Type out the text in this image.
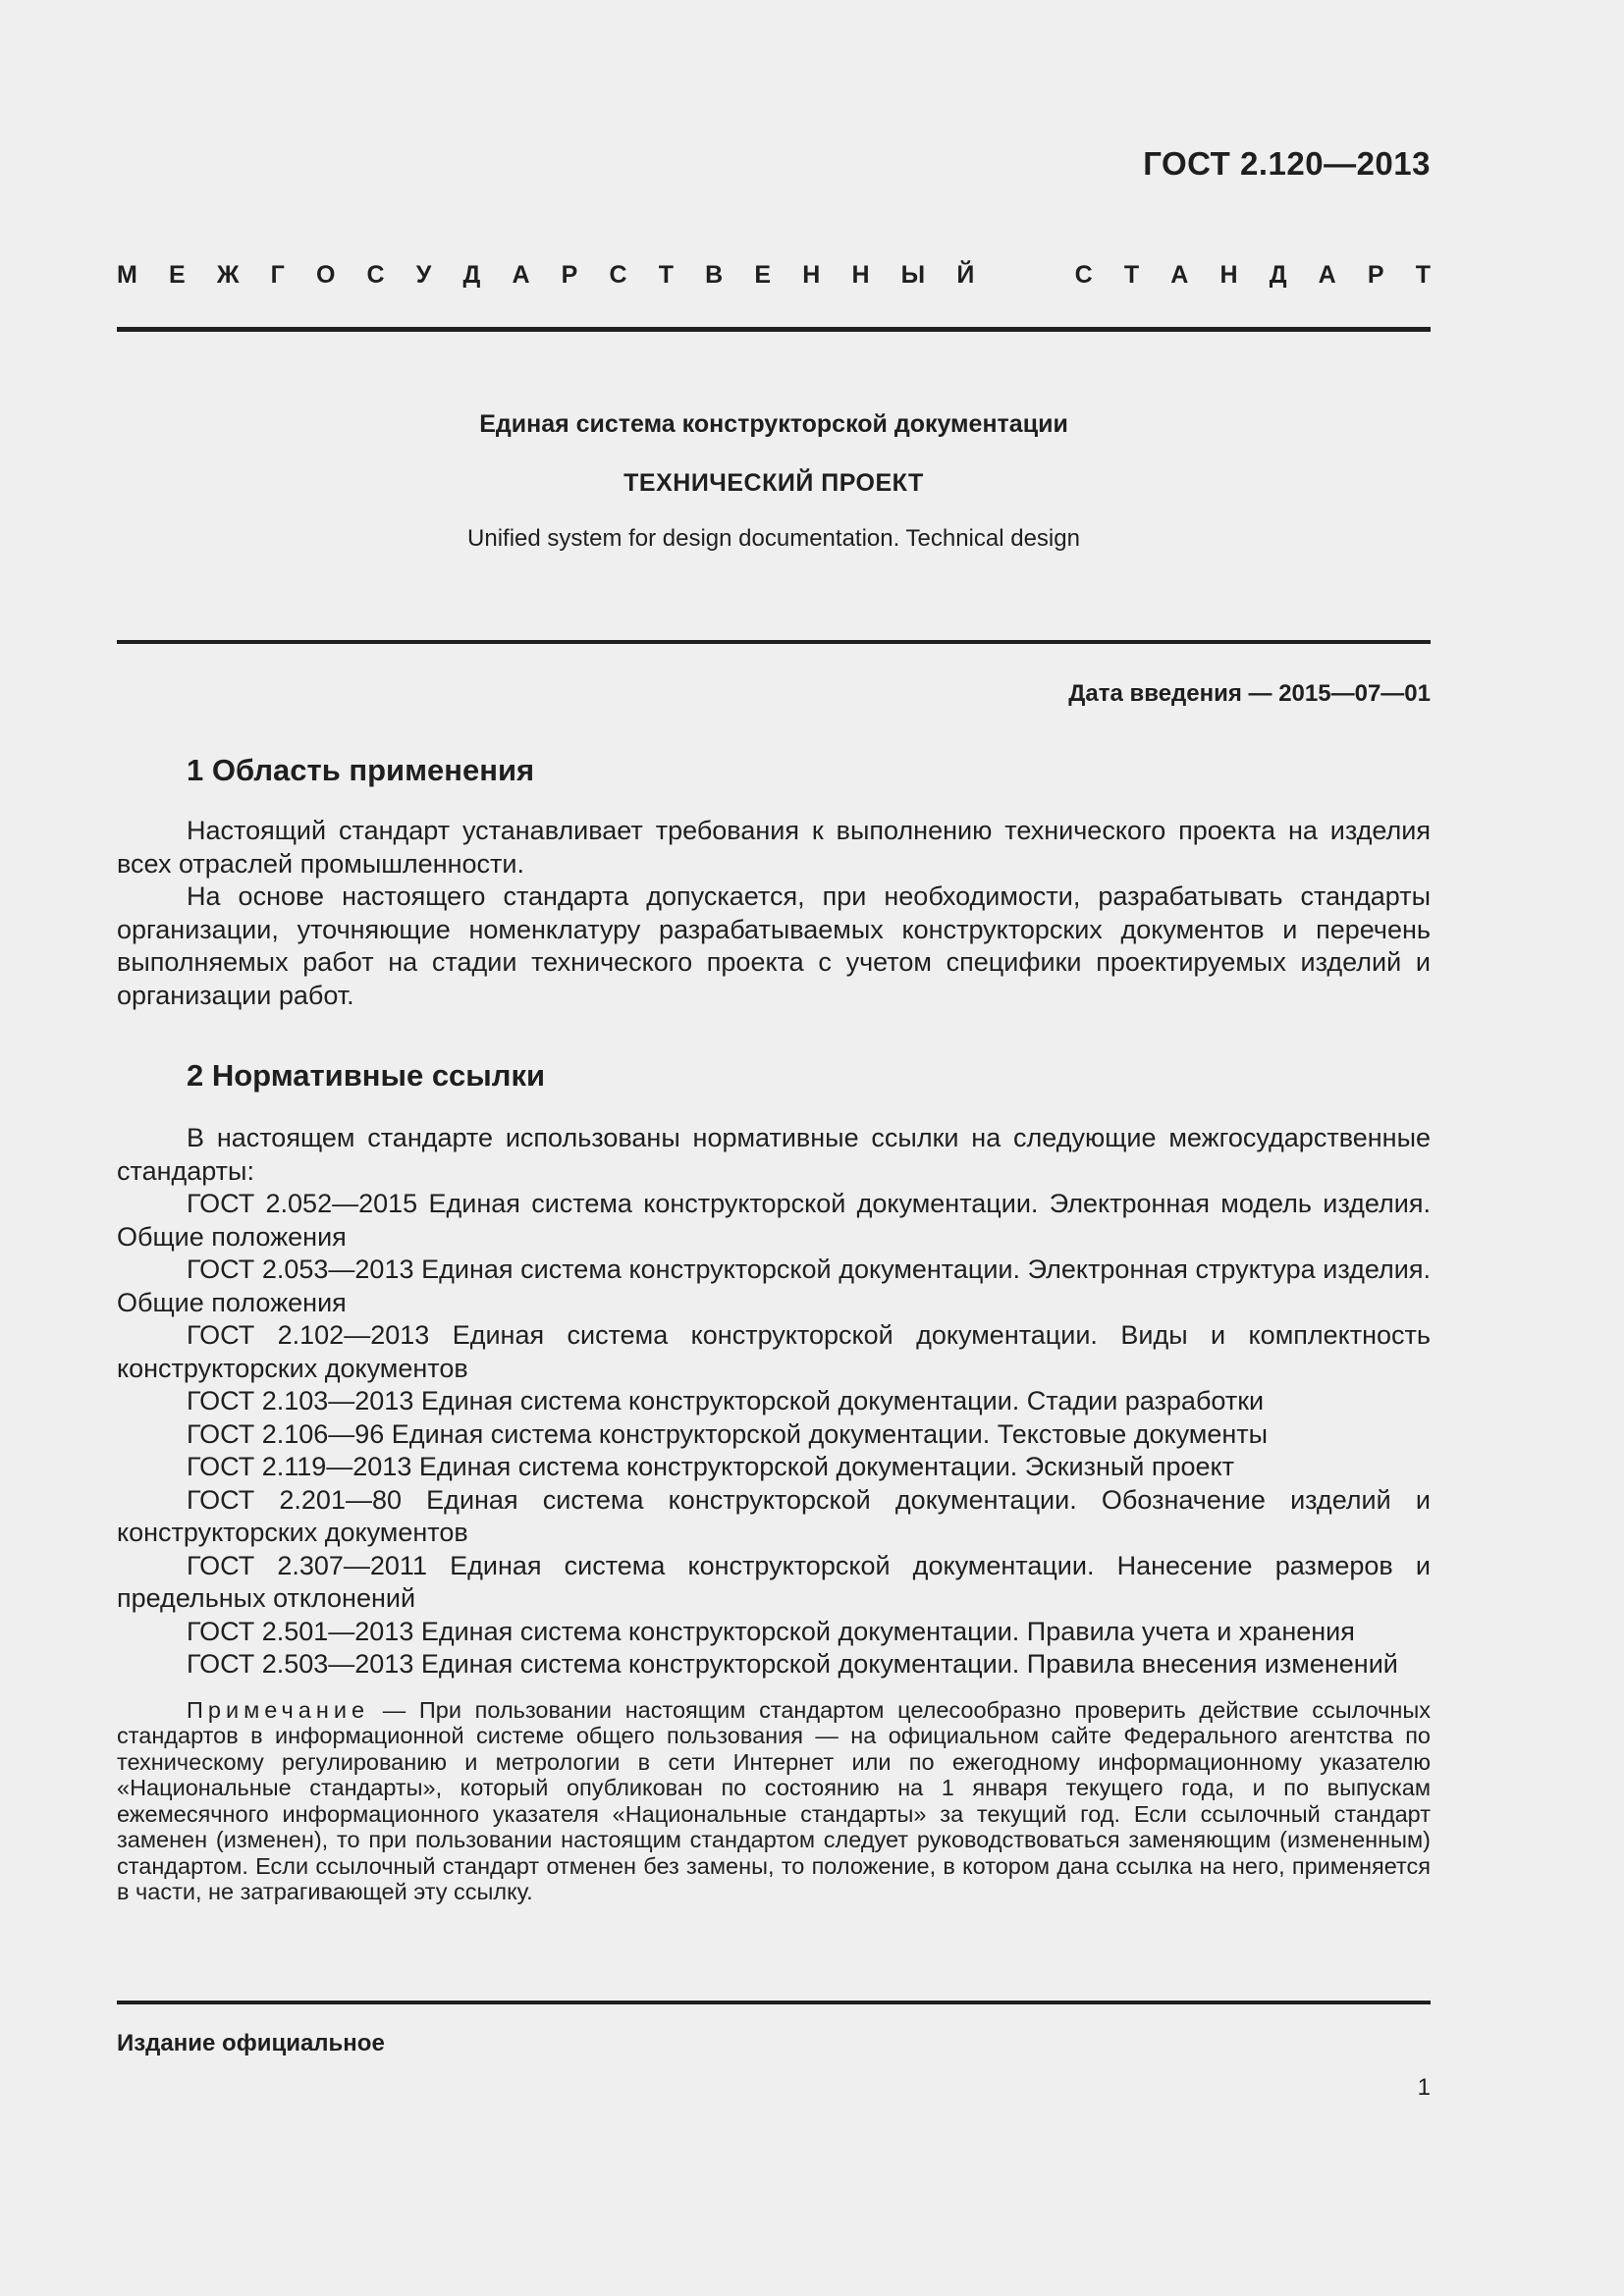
ГОСТ 2.120—2013
М Е Ж Г О С У Д А Р С Т В Е Н Н Ы Й	С Т А Н Д А Р Т
Единая система конструкторской документации
ТЕХНИЧЕСКИЙ ПРОЕКТ
Unified system for design documentation. Technical design
Дата введения — 2015—07—01
1 Область применения

Настоящий стандарт устанавливает требования к выполнению технического проекта на изделия всех отраслей промышленности.

На основе настоящего стандарта допускается, при необходимости, разрабатывать стандарты организации, уточняющие номенклатуру разрабатываемых конструкторских документов и перечень выполняемых работ на стадии технического проекта с учетом специфики проектируемых изделий и организации работ.

2 Нормативные ссылки

В настоящем стандарте использованы нормативные ссылки на следующие межгосударственные стандарты:

ГОСТ 2.052—2015 Единая система конструкторской документации. Электронная модель изделия. Общие положения

ГОСТ 2.053—2013 Единая система конструкторской документации. Электронная структура изделия. Общие положения

ГОСТ 2.102—2013 Единая система конструкторской документации. Виды и комплектность конструкторских документов

ГОСТ 2.103—2013 Единая система конструкторской документации. Стадии разработки

ГОСТ 2.106—96 Единая система конструкторской документации. Текстовые документы

ГОСТ 2.119—2013 Единая система конструкторской документации. Эскизный проект

ГОСТ 2.201—80 Единая система конструкторской документации. Обозначение изделий и конструкторских документов

ГОСТ 2.307—2011 Единая система конструкторской документации. Нанесение размеров и предельных отклонений

ГОСТ 2.501—2013 Единая система конструкторской документации. Правила учета и хранения

ГОСТ 2.503—2013 Единая система конструкторской документации. Правила внесения изменений

Примечание — При пользовании настоящим стандартом целесообразно проверить действие ссылочных стандартов в информационной системе общего пользования — на официальном сайте Федерального агентства по техническому регулированию и метрологии в сети Интернет или по ежегодному информационному указателю «Национальные стандарты», который опубликован по состоянию на 1 января текущего года, и по выпускам ежемесячного информационного указателя «Национальные стандарты» за текущий год. Если ссылочный стандарт заменен (изменен), то при пользовании настоящим стандартом следует руководствоваться заменяющим (измененным) стандартом. Если ссылочный стандарт отменен без замены, то положение, в котором дана ссылка на него, применяется в части, не затрагивающей эту ссылку.
Издание официальное
1
